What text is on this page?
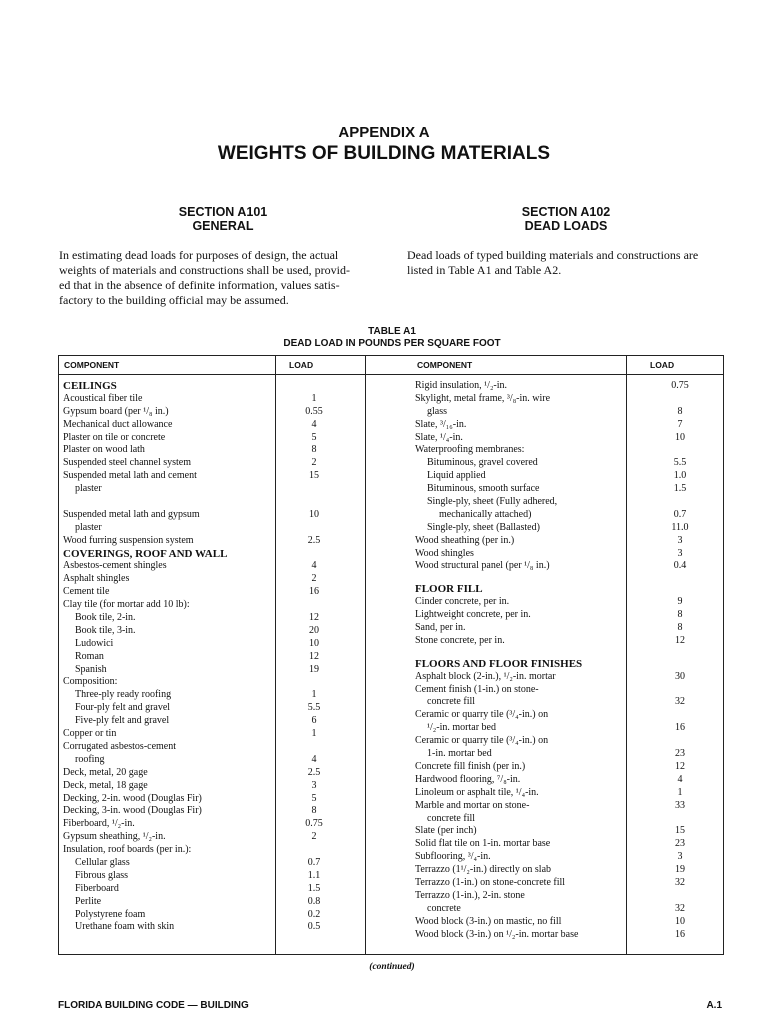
APPENDIX A
WEIGHTS OF BUILDING MATERIALS
SECTION A101
GENERAL
SECTION A102
DEAD LOADS
In estimating dead loads for purposes of design, the actual
weights of materials and constructions shall be used, provid-
ed that in the absence of definite information, values satis-
factory to the building official may be assumed.
Dead loads of typed building materials and constructions are
listed in Table A1 and Table A2.
TABLE A1
DEAD LOAD IN POUNDS PER SQUARE FOOT
COMPONENT	LOAD	COMPONENT	LOAD
CEILINGS
Acoustical fiber tile	1
Gypsum board (per ¹/₈ in.)	0.55
Mechanical duct allowance	4
Plaster on tile or concrete	5
Plaster on wood lath	8
Suspended steel channel system	2
Suspended metal lath and cement	15
plaster
Suspended metal lath and gypsum	10
plaster
Wood furring suspension system	2.5
COVERINGS, ROOF AND WALL
Asbestos-cement shingles	4
Asphalt shingles	2
Cement tile	16
Clay tile (for mortar add 10 lb):
Book tile, 2-in.	12
Book tile, 3-in.	20
Ludowici	10
Roman	12
Spanish	19
Composition:
Three-ply ready roofing	1
Four-ply felt and gravel	5.5
Five-ply felt and gravel	6
Copper or tin	1
Corrugated asbestos-cement
roofing	4
Deck, metal, 20 gage	2.5
Deck, metal, 18 gage	3
Decking, 2-in. wood (Douglas Fir)	5
Decking, 3-in. wood (Douglas Fir)	8
Fiberboard, ¹/₂-in.	0.75
Gypsum sheathing, ¹/₂-in.	2
Insulation, roof boards (per in.):
Cellular glass	0.7
Fibrous glass	1.1
Fiberboard	1.5
Perlite	0.8
Polystyrene foam	0.2
Urethane foam with skin	0.5
Rigid insulation, ¹/₂-in.	0.75
Skylight, metal frame, ³/₈-in. wire
glass	8
Slate, ³/₁₆-in.	7
Slate, ¹/₄-in.	10
Waterproofing membranes:
Bituminous, gravel covered	5.5
Liquid applied	1.0
Bituminous, smooth surface	1.5
Single-ply, sheet (Fully adhered,
mechanically attached)	0.7
Single-ply, sheet (Ballasted)	11.0
Wood sheathing (per in.)	3
Wood shingles	3
Wood structural panel (per ¹/₈ in.)	0.4
FLOOR FILL
Cinder concrete, per in.	9
Lightweight concrete, per in.	8
Sand, per in.	8
Stone concrete, per in.	12
FLOORS AND FLOOR FINISHES
Asphalt block (2-in.), ¹/₂-in. mortar	30
Cement finish (1-in.) on stone-
concrete fill	32
Ceramic or quarry tile (³/₄-in.) on
¹/₂-in. mortar bed	16
Ceramic or quarry tile (³/₄-in.) on
1-in. mortar bed	23
Concrete fill finish (per in.)	12
Hardwood flooring, ⁷/₈-in.	4
Linoleum or asphalt tile, ¹/₄-in.	1
Marble and mortar on stone-	33
concrete fill
Slate (per inch)	15
Solid flat tile on 1-in. mortar base	23
Subflooring, ³/₄-in.	3
Terrazzo (1¹/₂-in.) directly on slab	19
Terrazzo (1-in.) on stone-concrete fill	32
Terrazzo (1-in.), 2-in. stone
concrete	32
Wood block (3-in.) on mastic, no fill	10
Wood block (3-in.) on ¹/₂-in. mortar base	16
(continued)
FLORIDA BUILDING CODE — BUILDING	A.1
